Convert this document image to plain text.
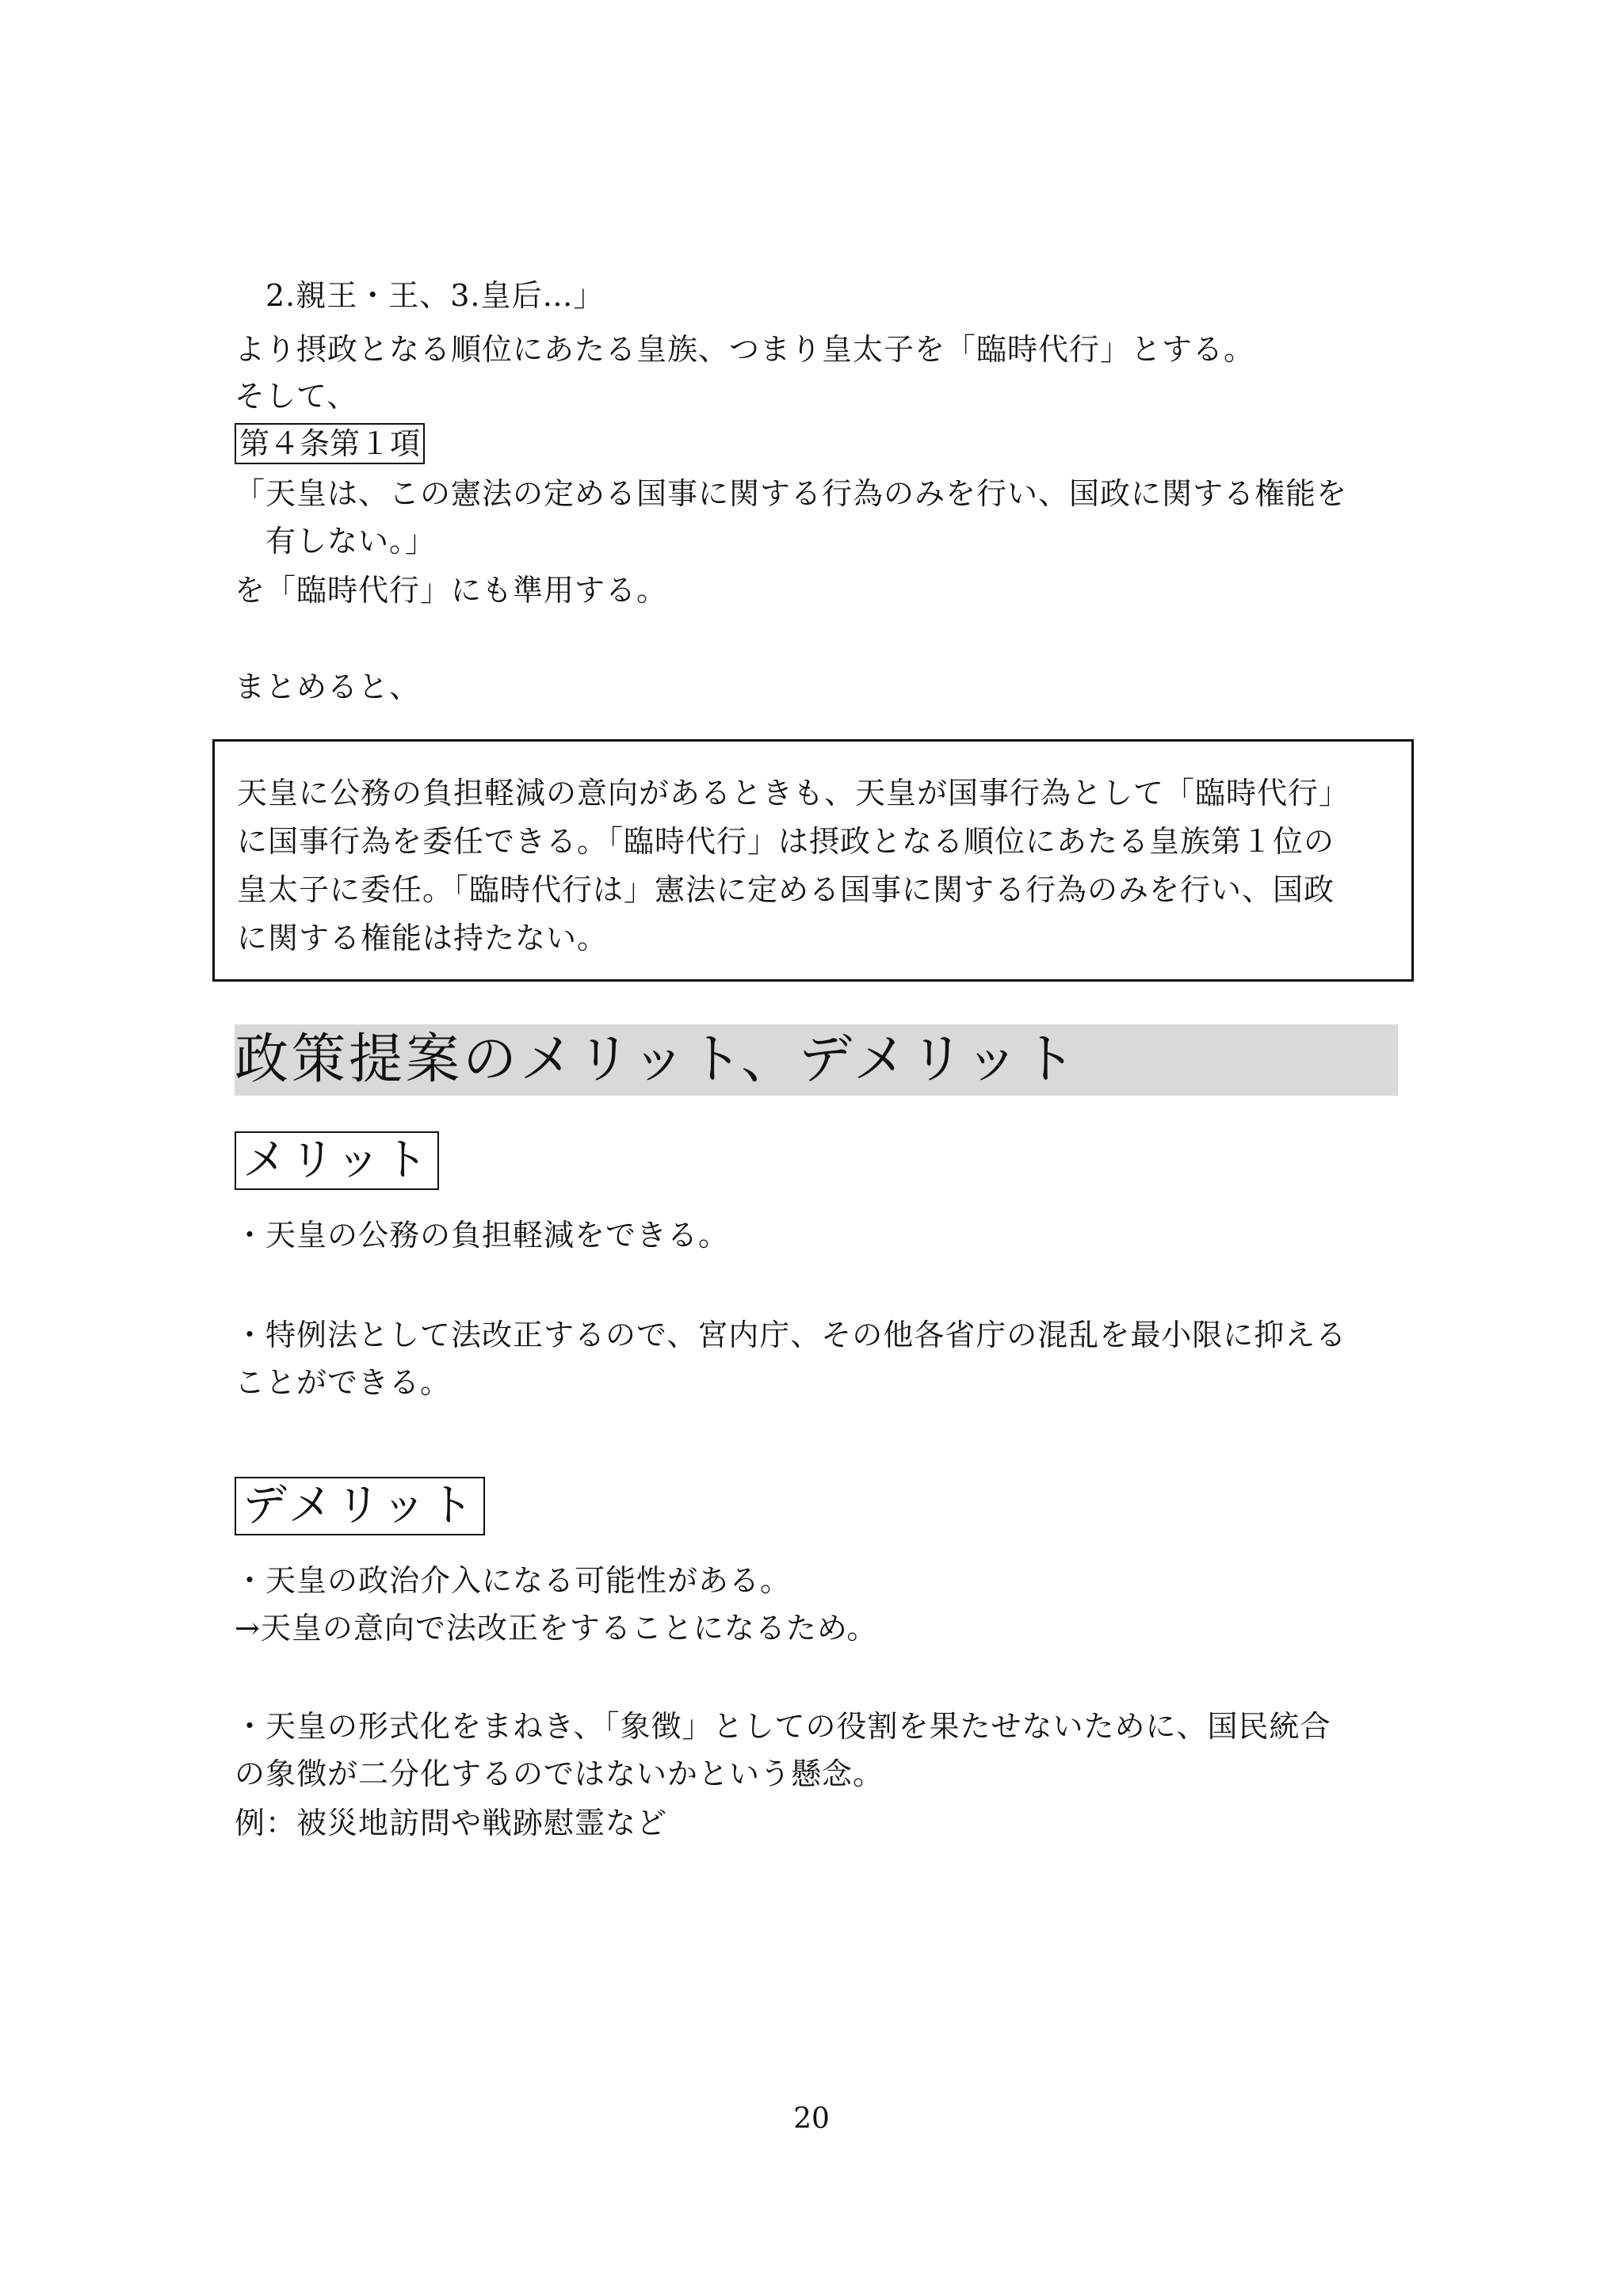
2.親王・王、3.皇后…」
より摂政となる順位にあたる皇族、つまり皇太子を「臨時代行」とする。
そして、
第４条第１項
「天皇は、この憲法の定める国事に関する行為のみを行い、国政に関する権能を
有しない。」
を「臨時代行」にも準用する。
まとめると、
天皇に公務の負担軽減の意向があるときも、天皇が国事行為として「臨時代行」
に国事行為を委任できる。「臨時代行」は摂政となる順位にあたる皇族第１位の
皇太子に委任。「臨時代行は」憲法に定める国事に関する行為のみを行い、国政
に関する権能は持たない。
政策提案のメリット、デメリット
メリット
・天皇の公務の負担軽減をできる。
・特例法として法改正するので、宮内庁、その他各省庁の混乱を最小限に抑える
ことができる。
デメリット
・天皇の政治介入になる可能性がある。
→天皇の意向で法改正をすることになるため。
・天皇の形式化をまねき、「象徴」としての役割を果たせないために、国民統合
の象徴が二分化するのではないかという懸念。
例：被災地訪問や戦跡慰霊など
20
